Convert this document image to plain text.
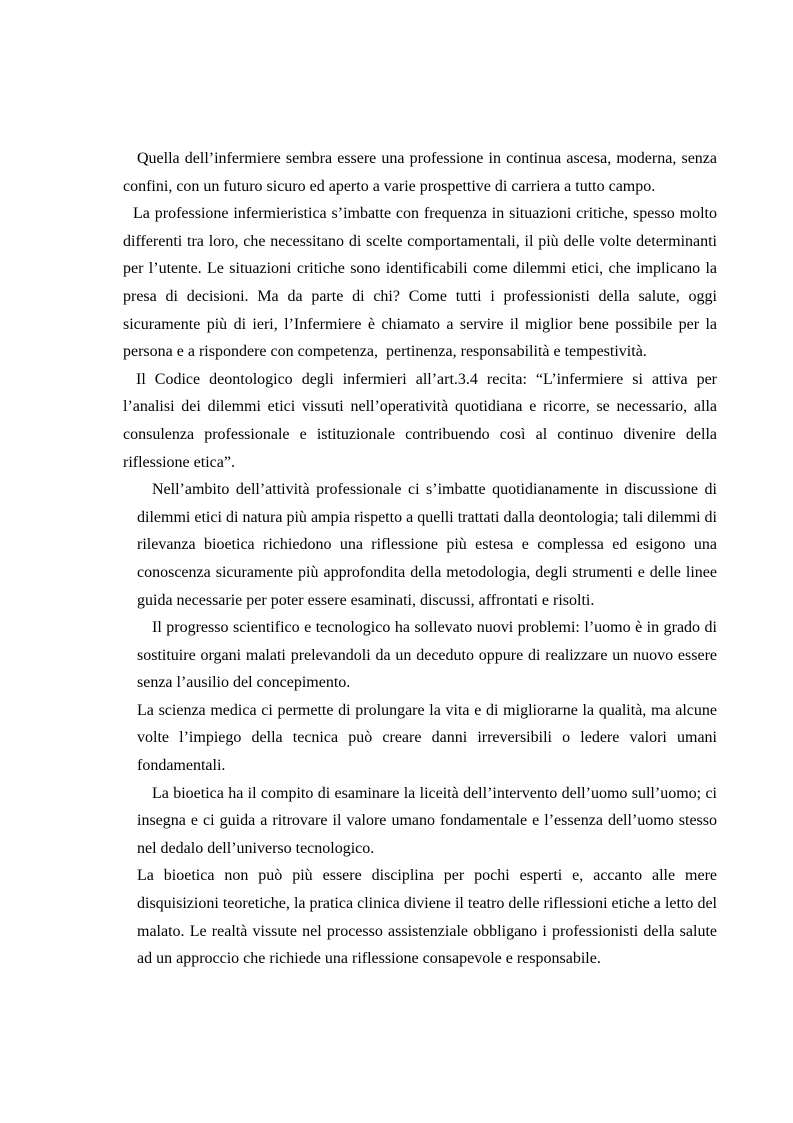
Quella dell’infermiere sembra essere una professione in continua ascesa, moderna, senza
confini, con un futuro sicuro ed aperto a varie prospettive di carriera a tutto campo.
La professione infermieristica s’imbatte con frequenza in situazioni critiche, spesso molto
differenti tra loro, che necessitano di scelte comportamentali, il più delle volte determinanti
per l’utente. Le situazioni critiche sono identificabili come dilemmi etici, che implicano la
presa di decisioni. Ma da parte di chi? Come tutti i professionisti della salute, oggi
sicuramente più di ieri, l’Infermiere è chiamato a servire il miglior bene possibile per la
persona e a rispondere con competenza,  pertinenza, responsabilità e tempestività.
Il Codice deontologico degli infermieri all’art.3.4 recita: “L’infermiere si attiva per
l’analisi dei dilemmi etici vissuti nell’operatività quotidiana e ricorre, se necessario, alla
consulenza professionale e istituzionale contribuendo così al continuo divenire della
riflessione etica”.
Nell’ambito dell’attività professionale ci s’imbatte quotidianamente in discussione di
dilemmi etici di natura più ampia rispetto a quelli trattati dalla deontologia; tali dilemmi di
rilevanza bioetica richiedono una riflessione più estesa e complessa ed esigono una
conoscenza sicuramente più approfondita della metodologia, degli strumenti e delle linee
guida necessarie per poter essere esaminati, discussi, affrontati e risolti.
Il progresso scientifico e tecnologico ha sollevato nuovi problemi: l’uomo è in grado di
sostituire organi malati prelevandoli da un deceduto oppure di realizzare un nuovo essere
senza l’ausilio del concepimento.
La scienza medica ci permette di prolungare la vita e di migliorarne la qualità, ma alcune
volte l’impiego della tecnica può creare danni irreversibili o ledere valori umani
fondamentali.
La bioetica ha il compito di esaminare la liceità dell’intervento dell’uomo sull’uomo; ci
insegna e ci guida a ritrovare il valore umano fondamentale e l’essenza dell’uomo stesso
nel dedalo dell’universo tecnologico.
La bioetica non può più essere disciplina per pochi esperti e, accanto alle mere
disquisizioni teoretiche, la pratica clinica diviene il teatro delle riflessioni etiche a letto del
malato. Le realtà vissute nel processo assistenziale obbligano i professionisti della salute
ad un approccio che richiede una riflessione consapevole e responsabile.
